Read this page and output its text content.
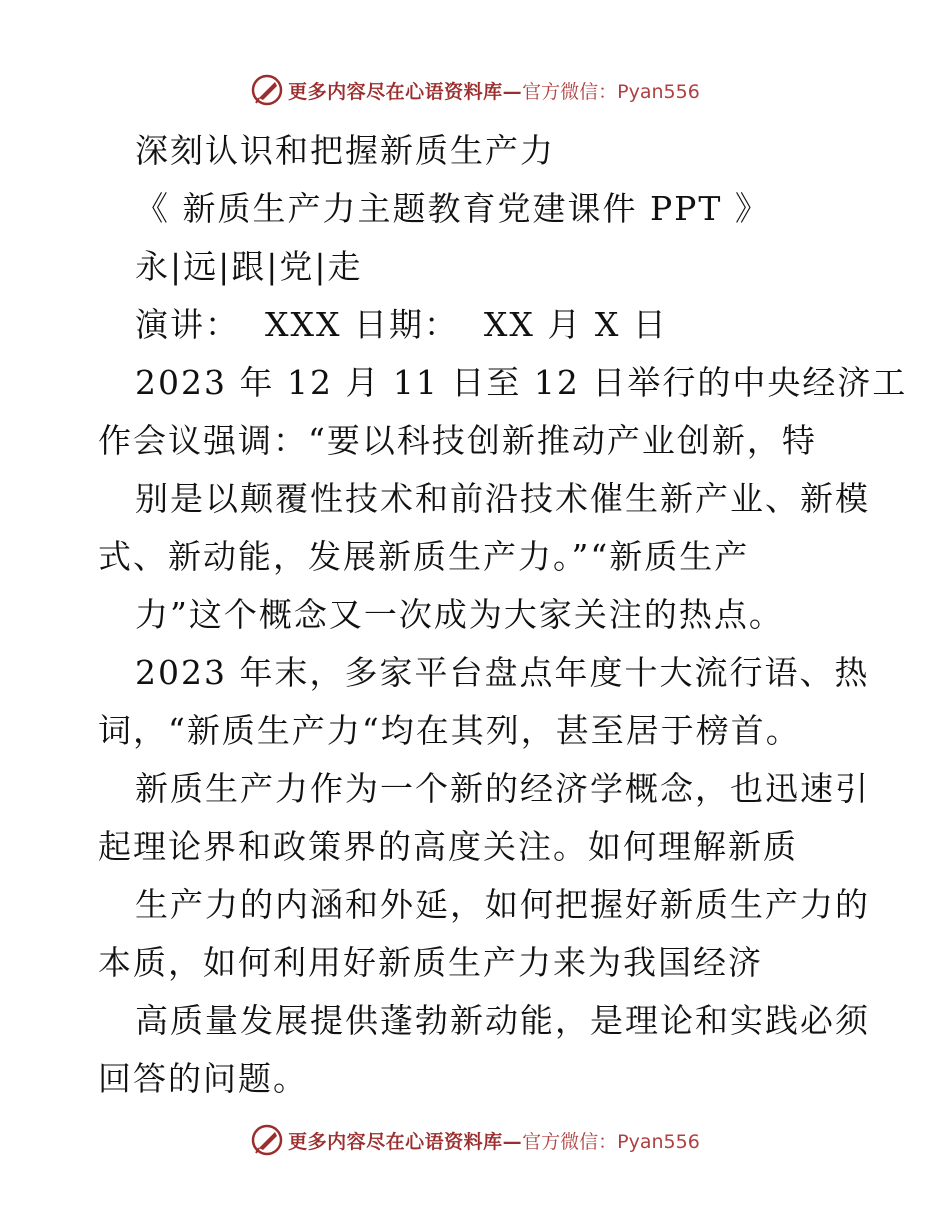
更多内容尽在心语资料库— 官方微信：Pyan556
深刻认识和把握新质生产力
《 新质生产力主题教育党建课件 PPT 》
永|远|跟|党|走
演讲：  XXX 日期：  XX 月 X 日
2023 年 12 月 11 日至 12 日举行的中央经济工
作会议强调：“要以科技创新推动产业创新，特
别是以颠覆性技术和前沿技术催生新产业、新模
式、新动能，发展新质生产力。”“新质生产
力”这个概念又一次成为大家关注的热点。
2023 年末，多家平台盘点年度十大流行语、热
词，“新质生产力“均在其列，甚至居于榜首。
新质生产力作为一个新的经济学概念，也迅速引
起理论界和政策界的高度关注。如何理解新质
生产力的内涵和外延，如何把握好新质生产力的
本质，如何利用好新质生产力来为我国经济
高质量发展提供蓬勃新动能，是理论和实践必须
回答的问题。
更多内容尽在心语资料库— 官方微信：Pyan556
